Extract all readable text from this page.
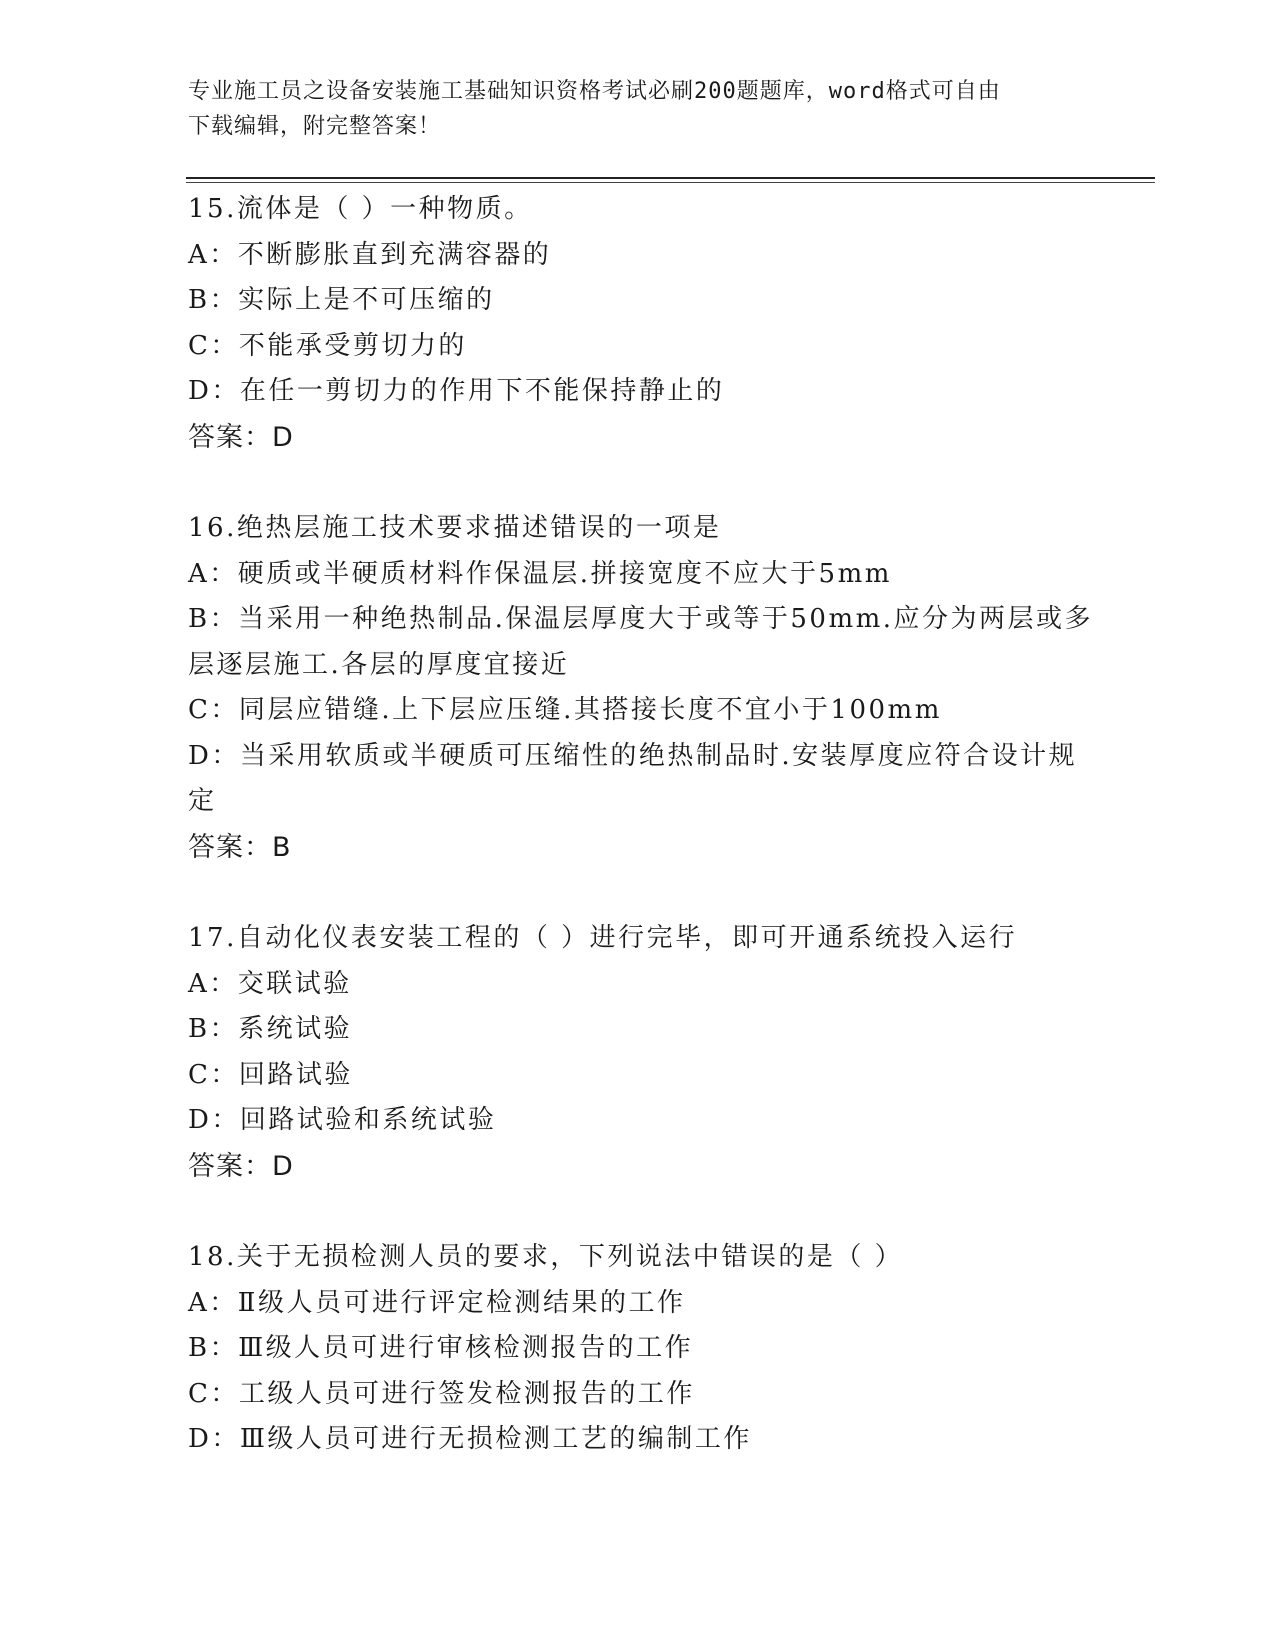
专业施工员之设备安装施工基础知识资格考试必刷200题题库，word格式可自由
下载编辑，附完整答案！

15.流体是（ ）一种物质。

A：不断膨胀直到充满容器的

B：实际上是不可压缩的

C：不能承受剪切力的

D：在任一剪切力的作用下不能保持静止的

答案：D

16.绝热层施工技术要求描述错误的一项是

A：硬质或半硬质材料作保温层.拼接宽度不应大于5mm

B：当采用一种绝热制品.保温层厚度大于或等于50mm.应分为两层或多层逐层施工.各层的厚度宜接近

C：同层应错缝.上下层应压缝.其搭接长度不宜小于100mm

D：当采用软质或半硬质可压缩性的绝热制品时.安装厚度应符合设计规定

答案：B

17.自动化仪表安装工程的（ ）进行完毕，即可开通系统投入运行

A：交联试验

B：系统试验

C：回路试验

D：回路试验和系统试验

答案：D

18.关于无损检测人员的要求，下列说法中错误的是（ ）

A：Ⅱ级人员可进行评定检测结果的工作

B：Ⅲ级人员可进行审核检测报告的工作

C：工级人员可进行签发检测报告的工作

D：Ⅲ级人员可进行无损检测工艺的编制工作
